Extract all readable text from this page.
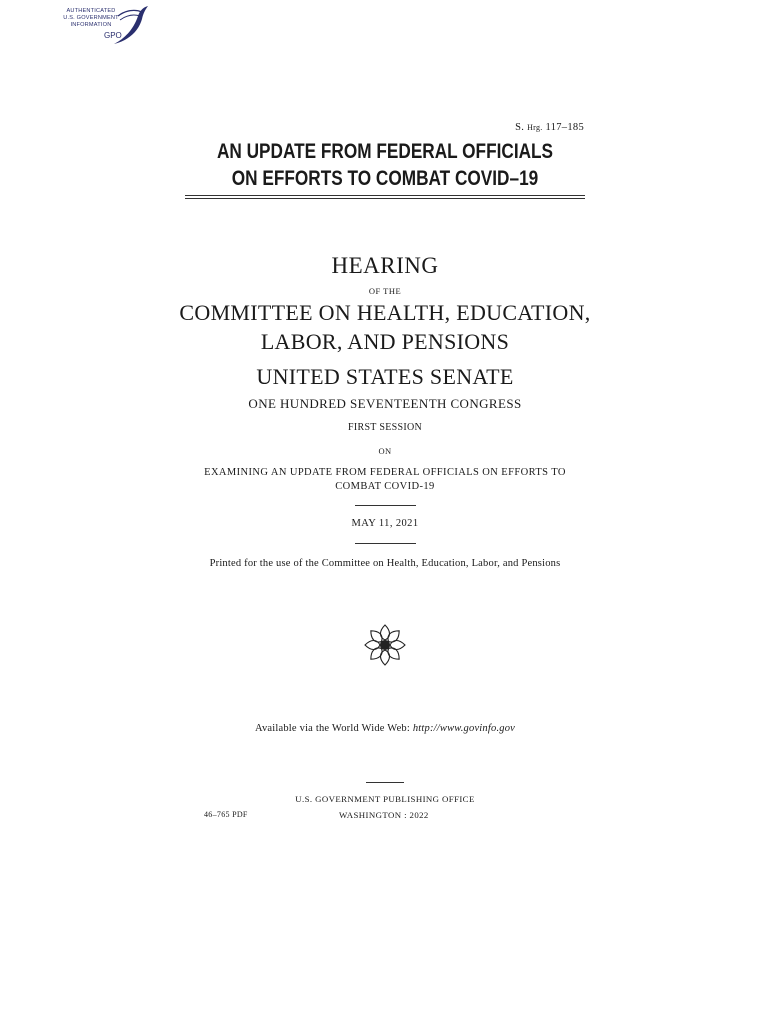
AUTHENTICATED
U.S. GOVERNMENT
INFORMATION
GPO
S. Hrg. 117–185
AN UPDATE FROM FEDERAL OFFICIALS
ON EFFORTS TO COMBAT COVID–19
HEARING
OF THE
COMMITTEE ON HEALTH, EDUCATION,
LABOR, AND PENSIONS
UNITED STATES SENATE
ONE HUNDRED SEVENTEENTH CONGRESS
FIRST SESSION
ON
EXAMINING AN UPDATE FROM FEDERAL OFFICIALS ON EFFORTS TO
COMBAT COVID-19
MAY 11, 2021
Printed for the use of the Committee on Health, Education, Labor, and Pensions
Available via the World Wide Web: http://www.govinfo.gov
U.S. GOVERNMENT PUBLISHING OFFICE
46–765 PDF	WASHINGTON : 2022
